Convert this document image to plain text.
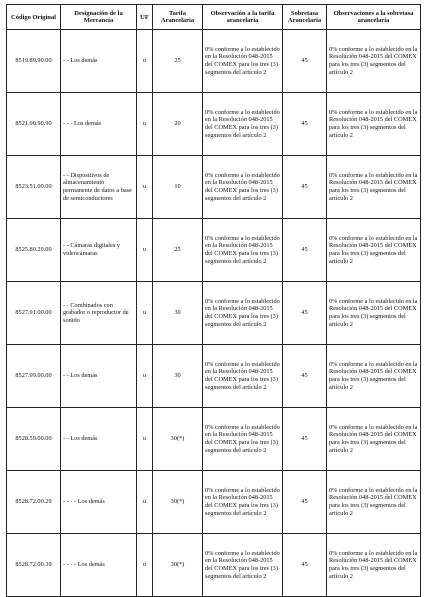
Código Original	Designación de la Mercancía	UF	Tarifa Arancelaria	Observación a la tarifa arancelaria	Sobretasa Arancelaria	Observaciones a la sobretasa arancelaria
8519.89.90.00	- - Los demás	u	25	0% conforme a lo establecido en la Resolución 048-2015 del COMEX para los tres (3) segmentos del artículo 2	45	0% conforme a lo establecido en la Resolución 048-2015 del COMEX para los tres (3) segmentos del artículo 2
8521.90.90.90	- - - Los demás	u	20	0% conforme a lo establecido en la Resolución 048-2015 del COMEX para los tres (3) segmentos del artículo 2	45	0% conforme a lo establecido en la Resolución 048-2015 del COMEX para los tres (3) segmentos del artículo 2
8523.51.00.00	- - Dispositivos de almacenamiento permanente de datos a base de semiconductores	u	10	0% conforme a lo establecido en la Resolución 048-2015 del COMEX para los tres (3) segmentos del artículo 2	45	0% conforme a lo establecido en la Resolución 048-2015 del COMEX para los tres (3) segmentos del artículo 2
8525.80.20.00	- - Cámaras digitales y videocámaras	u	25	0% conforme a lo establecido en la Resolución 048-2015 del COMEX para los tres (3) segmentos del artículo 2	45	0% conforme a lo establecido en la Resolución 048-2015 del COMEX para los tres (3) segmentos del artículo 2
8527.91.00.00	- - Combinados con grabador o reproductor de sonido	u	30	0% conforme a lo establecido en la Resolución 048-2015 del COMEX para los tres (3) segmentos del artículo 2	45	0% conforme a lo establecido en la Resolución 048-2015 del COMEX para los tres (3) segmentos del artículo 2
8527.99.00.00	- - Los demás	u	30	0% conforme a lo establecido en la Resolución 048-2015 del COMEX para los tres (3) segmentos del artículo 2	45	0% conforme a lo establecido en la Resolución 048-2015 del COMEX para los tres (3) segmentos del artículo 2
8528.59.00.00	- - Los demás	u	30(*)	0% conforme a lo establecido en la Resolución 048-2015 del COMEX para los tres (3) segmentos del artículo 2	45	0% conforme a lo establecido en la Resolución 048-2015 del COMEX para los tres (3) segmentos del artículo 2
8528.72.00.29	- - - - Los demás	u	30(*)	0% conforme a lo establecido en la Resolución 048-2015 del COMEX para los tres (3) segmentos del artículo 2	45	0% conforme a lo establecido en la Resolución 048-2015 del COMEX para los tres (3) segmentos del artículo 2
8528.72.00.39	- - - - Los demás	u	30(*)	0% conforme a lo establecido en la Resolución 048-2015 del COMEX para los tres (3) segmentos del artículo 2	45	0% conforme a lo establecido en la Resolución 048-2015 del COMEX para los tres (3) segmentos del artículo 2
